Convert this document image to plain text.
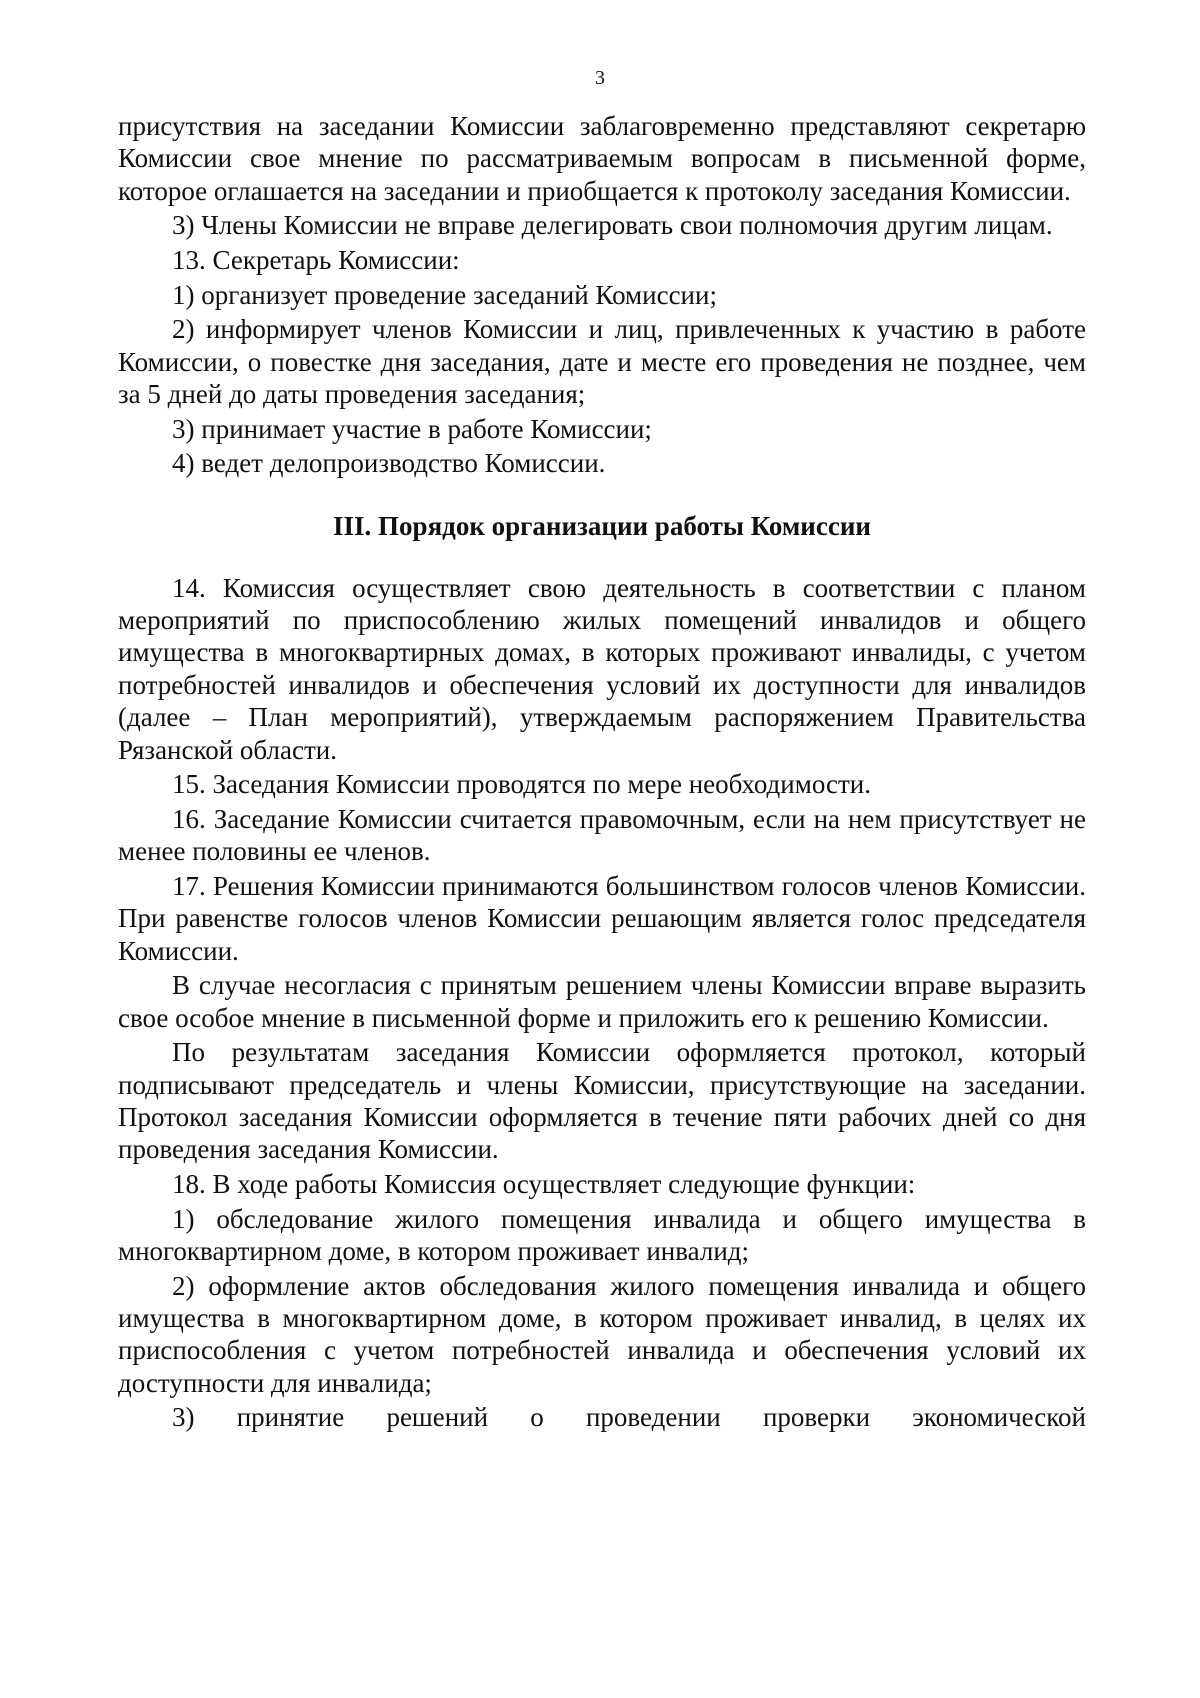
3

присутствия на заседании Комиссии заблаговременно представляют секретарю Комиссии свое мнение по рассматриваемым вопросам в письменной форме, которое оглашается на заседании и приобщается к протоколу заседания Комиссии.

3) Члены Комиссии не вправе делегировать свои полномочия другим лицам.

13. Секретарь Комиссии:

1) организует проведение заседаний Комиссии;

2) информирует членов Комиссии и лиц, привлеченных к участию в работе Комиссии, о повестке дня заседания, дате и месте его проведения не позднее, чем за 5 дней до даты проведения заседания;

3) принимает участие в работе Комиссии;

4) ведет делопроизводство Комиссии.

III. Порядок организации работы Комиссии

14. Комиссия осуществляет свою деятельность в соответствии с планом мероприятий по приспособлению жилых помещений инвалидов и общего имущества в многоквартирных домах, в которых проживают инвалиды, с учетом потребностей инвалидов и обеспечения условий их доступности для инвалидов (далее – План мероприятий), утверждаемым распоряжением Правительства Рязанской области.

15. Заседания Комиссии проводятся по мере необходимости.

16. Заседание Комиссии считается правомочным, если на нем присутствует не менее половины ее членов.

17. Решения Комиссии принимаются большинством голосов членов Комиссии. При равенстве голосов членов Комиссии решающим является голос председателя Комиссии.

В случае несогласия с принятым решением члены Комиссии вправе выразить свое особое мнение в письменной форме и приложить его к решению Комиссии.

По результатам заседания Комиссии оформляется протокол, который подписывают председатель и члены Комиссии, присутствующие на заседании. Протокол заседания Комиссии оформляется в течение пяти рабочих дней со дня проведения заседания Комиссии.

18. В ходе работы Комиссия осуществляет следующие функции:

1) обследование жилого помещения инвалида и общего имущества в многоквартирном доме, в котором проживает инвалид;

2) оформление актов обследования жилого помещения инвалида и общего имущества в многоквартирном доме, в котором проживает инвалид, в целях их приспособления с учетом потребностей инвалида и обеспечения условий их доступности для инвалида;

3) принятие решений о проведении проверки экономической
